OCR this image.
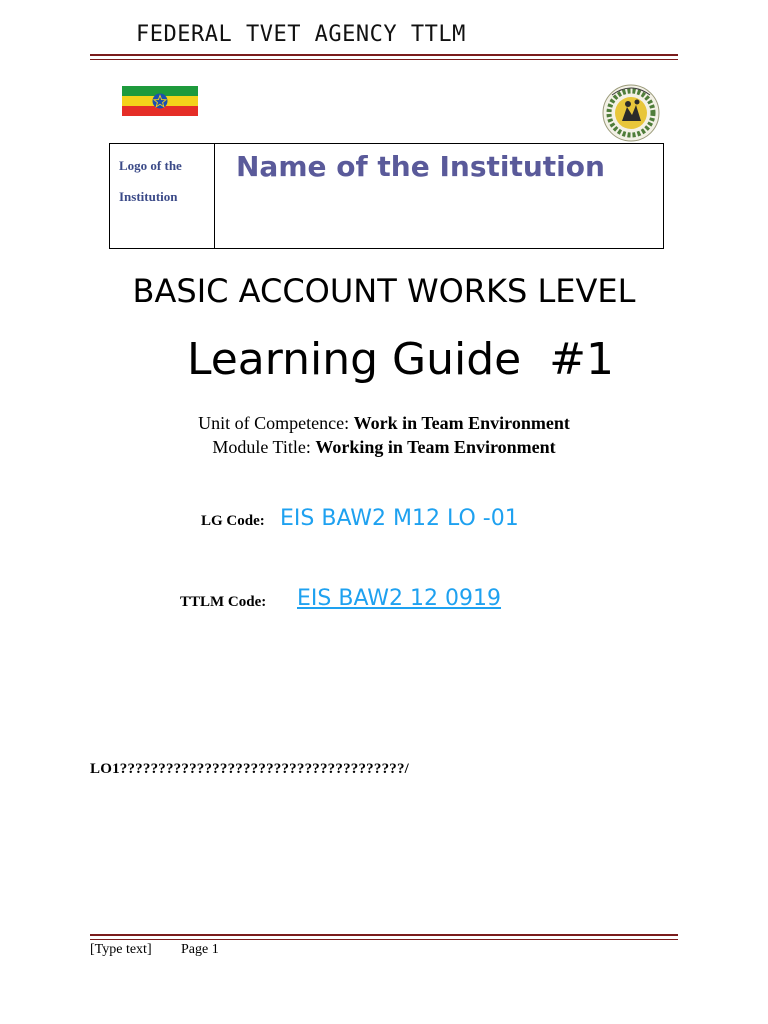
FEDERAL TVET AGENCY TTLM
Logo of the
Institution
Name of the Institution
BASIC ACCOUNT WORKS LEVEL
Learning Guide  #1
Unit of Competence: Work in Team Environment
Module Title: Working in Team Environment
LG Code: EIS BAW2 M12 LO -01
TTLM Code: EIS BAW2 12 0919
LO1?????????????????????????????????????/
[Type text] Page 1
